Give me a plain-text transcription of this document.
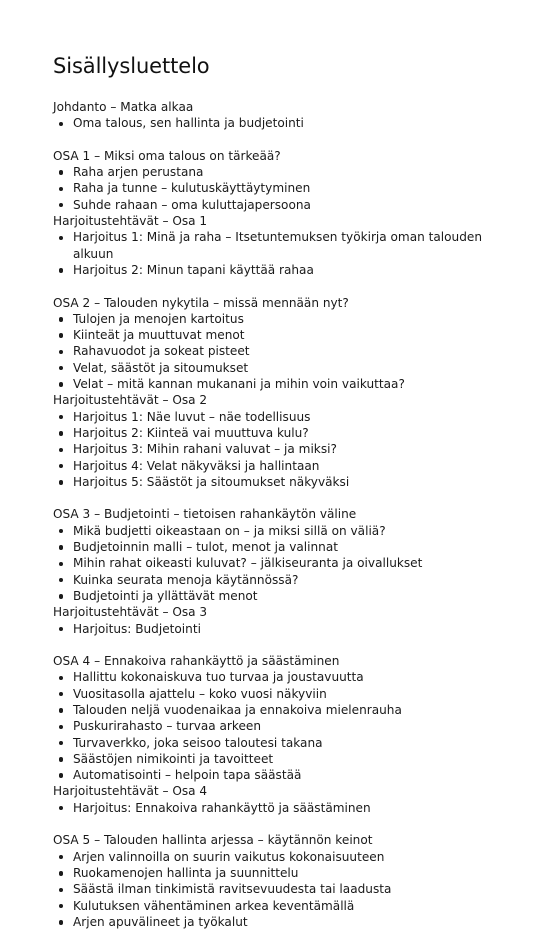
Sisällysluettelo
Johdanto – Matka alkaa
Oma talous, sen hallinta ja budjetointi
OSA 1 – Miksi oma talous on tärkeää?
Raha arjen perustana
Raha ja tunne – kulutuskäyttäytyminen
Suhde rahaan – oma kuluttajapersoona
Harjoitustehtävät – Osa 1
Harjoitus 1: Minä ja raha – Itsetuntemuksen työkirja oman talouden alkuun
Harjoitus 2: Minun tapani käyttää rahaa
OSA 2 – Talouden nykytila – missä mennään nyt?
Tulojen ja menojen kartoitus
Kiinteät ja muuttuvat menot
Rahavuodot ja sokeat pisteet
Velat, säästöt ja sitoumukset
Velat – mitä kannan mukanani ja mihin voin vaikuttaa?
Harjoitustehtävät – Osa 2
Harjoitus 1: Näe luvut – näe todellisuus
Harjoitus 2: Kiinteä vai muuttuva kulu?
Harjoitus 3: Mihin rahani valuvat – ja miksi?
Harjoitus 4: Velat näkyväksi ja hallintaan
Harjoitus 5: Säästöt ja sitoumukset näkyväksi
OSA 3 – Budjetointi – tietoisen rahankäytön väline
Mikä budjetti oikeastaan on – ja miksi sillä on väliä?
Budjetoinnin malli – tulot, menot ja valinnat
Mihin rahat oikeasti kuluvat? – jälkiseuranta ja oivallukset
Kuinka seurata menoja käytännössä?
Budjetointi ja yllättävät menot
Harjoitustehtävät – Osa 3
Harjoitus: Budjetointi
OSA 4 – Ennakoiva rahankäyttö ja säästäminen
Hallittu kokonaiskuva tuo turvaa ja joustavuutta
Vuositasolla ajattelu – koko vuosi näkyviin
Talouden neljä vuodenaikaa ja ennakoiva mielenrauha
Puskurirahasto – turvaa arkeen
Turvaverkko, joka seisoo taloutesi takana
Säästöjen nimikointi ja tavoitteet
Automatisointi – helpoin tapa säästää
Harjoitustehtävät – Osa 4
Harjoitus: Ennakoiva rahankäyttö ja säästäminen
OSA 5 – Talouden hallinta arjessa – käytännön keinot
Arjen valinnoilla on suurin vaikutus kokonaisuuteen
Ruokamenojen hallinta ja suunnittelu
Säästä ilman tinkimistä ravitsevuudesta tai laadusta
Kulutuksen vähentäminen arkea keventämällä
Arjen apuvälineet ja työkalut
